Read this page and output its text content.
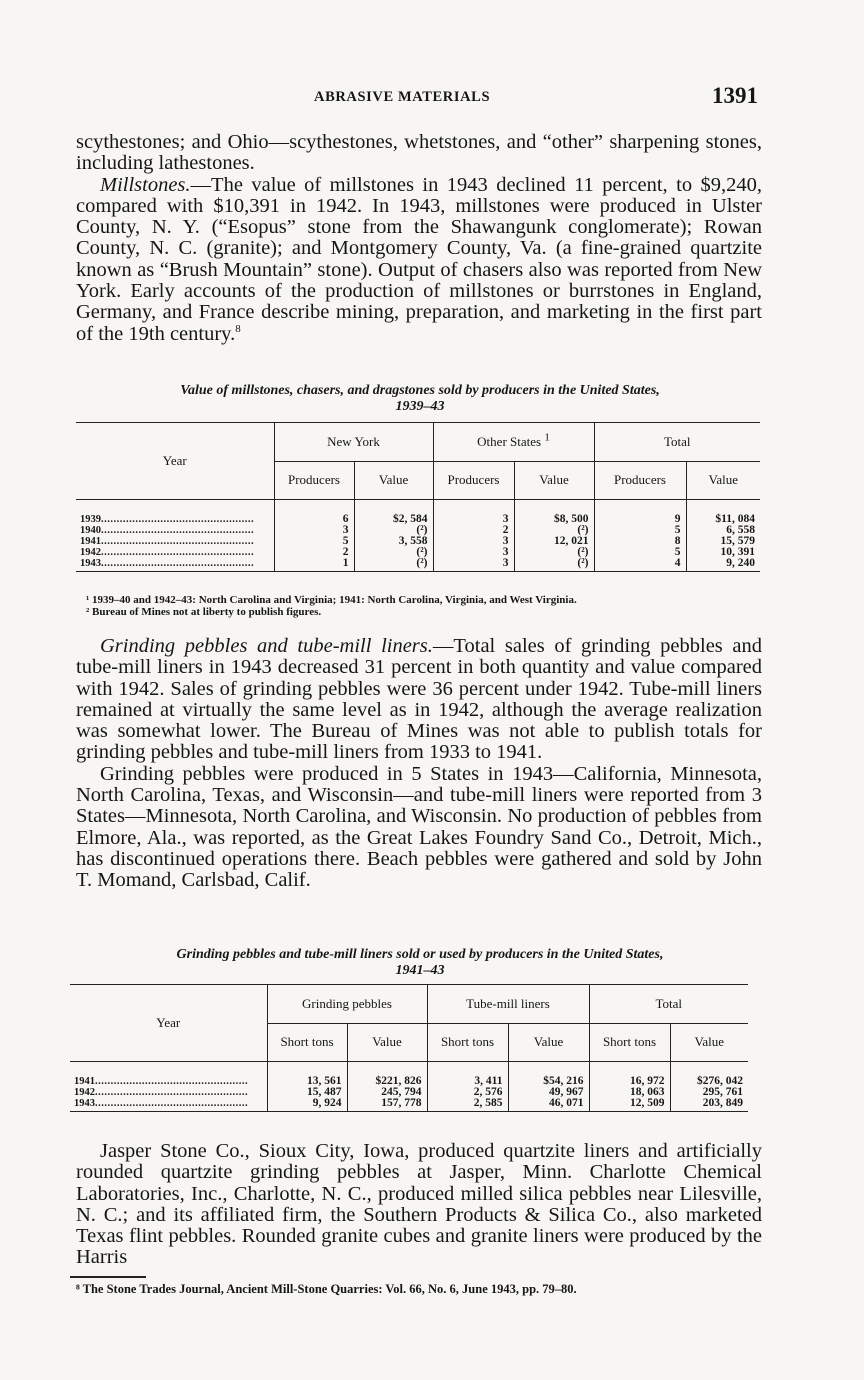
ABRASIVE MATERIALS	1391

scythestones; and Ohio—scythestones, whetstones, and “other” sharpening stones, including lathestones.

Millstones.—The value of millstones in 1943 declined 11 percent, to $9,240, compared with $10,391 in 1942. In 1943, millstones were produced in Ulster County, N. Y. (“Esopus” stone from the Shawangunk conglomerate); Rowan County, N. C. (granite); and Montgomery County, Va. (a fine-grained quartzite known as “Brush Mountain” stone). Output of chasers also was reported from New York. Early accounts of the production of millstones or burrstones in England, Germany, and France describe mining, preparation, and marketing in the first part of the 19th century.$^8$

Value of millstones, chasers, and dragstones sold by producers in the United States,
1939–43
Year	New York		Other States $^1$		Total	
	Producers	Value	Producers	Value	Producers	Value

1939.................................................	6	$2, 584	3	$8, 500	9	$11, 084
1940.................................................	3	(²)	2	(²)	5	6, 558
1941.................................................	5	3, 558	3	12, 021	8	15, 579
1942.................................................	2	(²)	3	(²)	5	10, 391
1943.................................................	1	(²)	3	(²)	4	9, 240

¹ 1939–40 and 1942–43: North Carolina and Virginia; 1941: North Carolina, Virginia, and West Virginia.

² Bureau of Mines not at liberty to publish figures.

Grinding pebbles and tube-mill liners.—Total sales of grinding pebbles and tube-mill liners in 1943 decreased 31 percent in both quantity and value compared with 1942. Sales of grinding pebbles were 36 percent under 1942. Tube-mill liners remained at virtually the same level as in 1942, although the average realization was somewhat lower. The Bureau of Mines was not able to publish totals for grinding pebbles and tube-mill liners from 1933 to 1941.

Grinding pebbles were produced in 5 States in 1943—California, Minnesota, North Carolina, Texas, and Wisconsin—and tube-mill liners were reported from 3 States—Minnesota, North Carolina, and Wisconsin. No production of pebbles from Elmore, Ala., was reported, as the Great Lakes Foundry Sand Co., Detroit, Mich., has discontinued operations there. Beach pebbles were gathered and sold by John T. Momand, Carlsbad, Calif.

Grinding pebbles and tube-mill liners sold or used by producers in the United States,
1941–43
Year	Grinding pebbles		Tube-mill liners		Total	
	Short tons	Value	Short tons	Value	Short tons	Value

1941.................................................	13, 561	$221, 826	3, 411	$54, 216	16, 972	$276, 042
1942.................................................	15, 487	245, 794	2, 576	49, 967	18, 063	295, 761
1943.................................................	9, 924	157, 778	2, 585	46, 071	12, 509	203, 849

Jasper Stone Co., Sioux City, Iowa, produced quartzite liners and artificially rounded quartzite grinding pebbles at Jasper, Minn. Charlotte Chemical Laboratories, Inc., Charlotte, N. C., produced milled silica pebbles near Lilesville, N. C.; and its affiliated firm, the Southern Products & Silica Co., also marketed Texas flint pebbles. Rounded granite cubes and granite liners were produced by the Harris

⁸ The Stone Trades Journal, Ancient Mill-Stone Quarries: Vol. 66, No. 6, June 1943, pp. 79–80.
